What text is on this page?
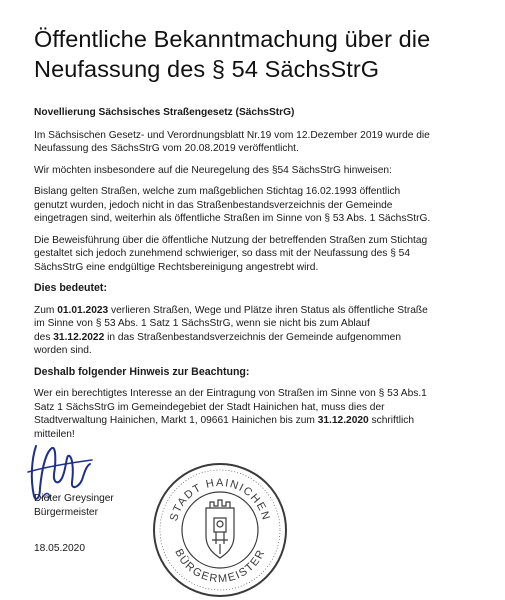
Öffentliche Bekanntmachung über die
Neufassung des § 54 SächsStrG

Novellierung Sächsisches Straßengesetz (SächsStrG)

Im Sächsischen Gesetz- und Verordnungsblatt Nr.19 vom 12.Dezember 2019 wurde die
Neufassung des SächsStrG vom 20.08.2019 veröffentlicht.

Wir möchten insbesondere auf die Neuregelung des §54 SächsStrG hinweisen:

Bislang gelten Straßen, welche zum maßgeblichen Stichtag 16.02.1993 öffentlich
genutzt wurden, jedoch nicht in das Straßenbestandsverzeichnis der Gemeinde
eingetragen sind, weiterhin als öffentliche Straßen im Sinne von § 53 Abs. 1 SächsStrG.

Die Beweisführung über die öffentliche Nutzung der betreffenden Straßen zum Stichtag
gestaltet sich jedoch zunehmend schwieriger, so dass mit der Neufassung des § 54
SächsStrG eine endgültige Rechtsbereinigung angestrebt wird.

Dies bedeutet:

Zum 01.01.2023 verlieren Straßen, Wege und Plätze ihren Status als öffentliche Straße
im Sinne von § 53 Abs. 1 Satz 1 SächsStrG, wenn sie nicht bis zum Ablauf
des 31.12.2022 in das Straßenbestandsverzeichnis der Gemeinde aufgenommen
worden sind.

Deshalb folgender Hinweis zur Beachtung:

Wer ein berechtigtes Interesse an der Eintragung von Straßen im Sinne von § 53 Abs.1
Satz 1 SächsStrG im Gemeindegebiet der Stadt Hainichen hat, muss dies der
Stadtverwaltung Hainichen, Markt 1, 09661 Hainichen bis zum 31.12.2020 schriftlich
mitteilen!

Dieter Greysinger
Bürgermeister
18.05.2020
STADT HAINICHEN
BÜRGERMEISTER
